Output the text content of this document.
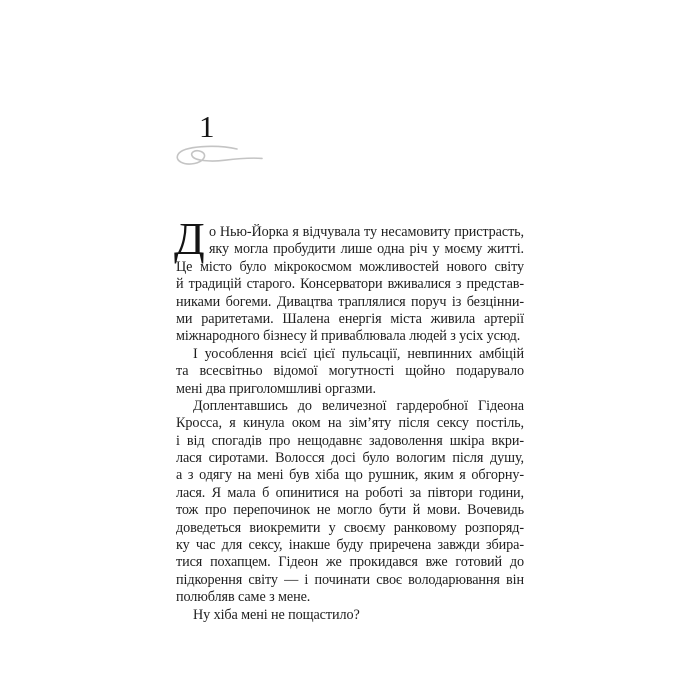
1
Д о Нью-Йорка я відчувала ту несамовиту пристрасть,
яку могла пробудити лише одна річ у моєму житті.
Це місто було мікрокосмом можливостей нового світу
й традицій старого. Консерватори вживалися з представ-
никами богеми. Дивацтва траплялися поруч із безцінни-
ми раритетами. Шалена енергія міста живила артерії
міжнародного бізнесу й приваблювала людей з усіх усюд.
І уособлення всієї цієї пульсації, невпинних амбіцій
та всесвітньо відомої могутності щойно подарувало
мені два приголомшливі оргазми.
Доплентавшись до величезної гардеробної Гідеона
Кросса, я кинула оком на зім’яту після сексу постіль,
і від спогадів про нещодавнє задоволення шкіра вкри-
лася сиротами. Волосся досі було вологим після душу,
а з одягу на мені був хіба що рушник, яким я обгорну-
лася. Я мала б опинитися на роботі за півтори години,
тож про перепочинок не могло бути й мови. Вочевидь
доведеться виокремити у своєму ранковому розпоряд-
ку час для сексу, інакше буду приречена завжди збира-
тися похапцем. Гідеон же прокидався вже готовий до
підкорення світу — і починати своє володарювання він
полюбляв саме з мене.
Ну хіба мені не пощастило?
